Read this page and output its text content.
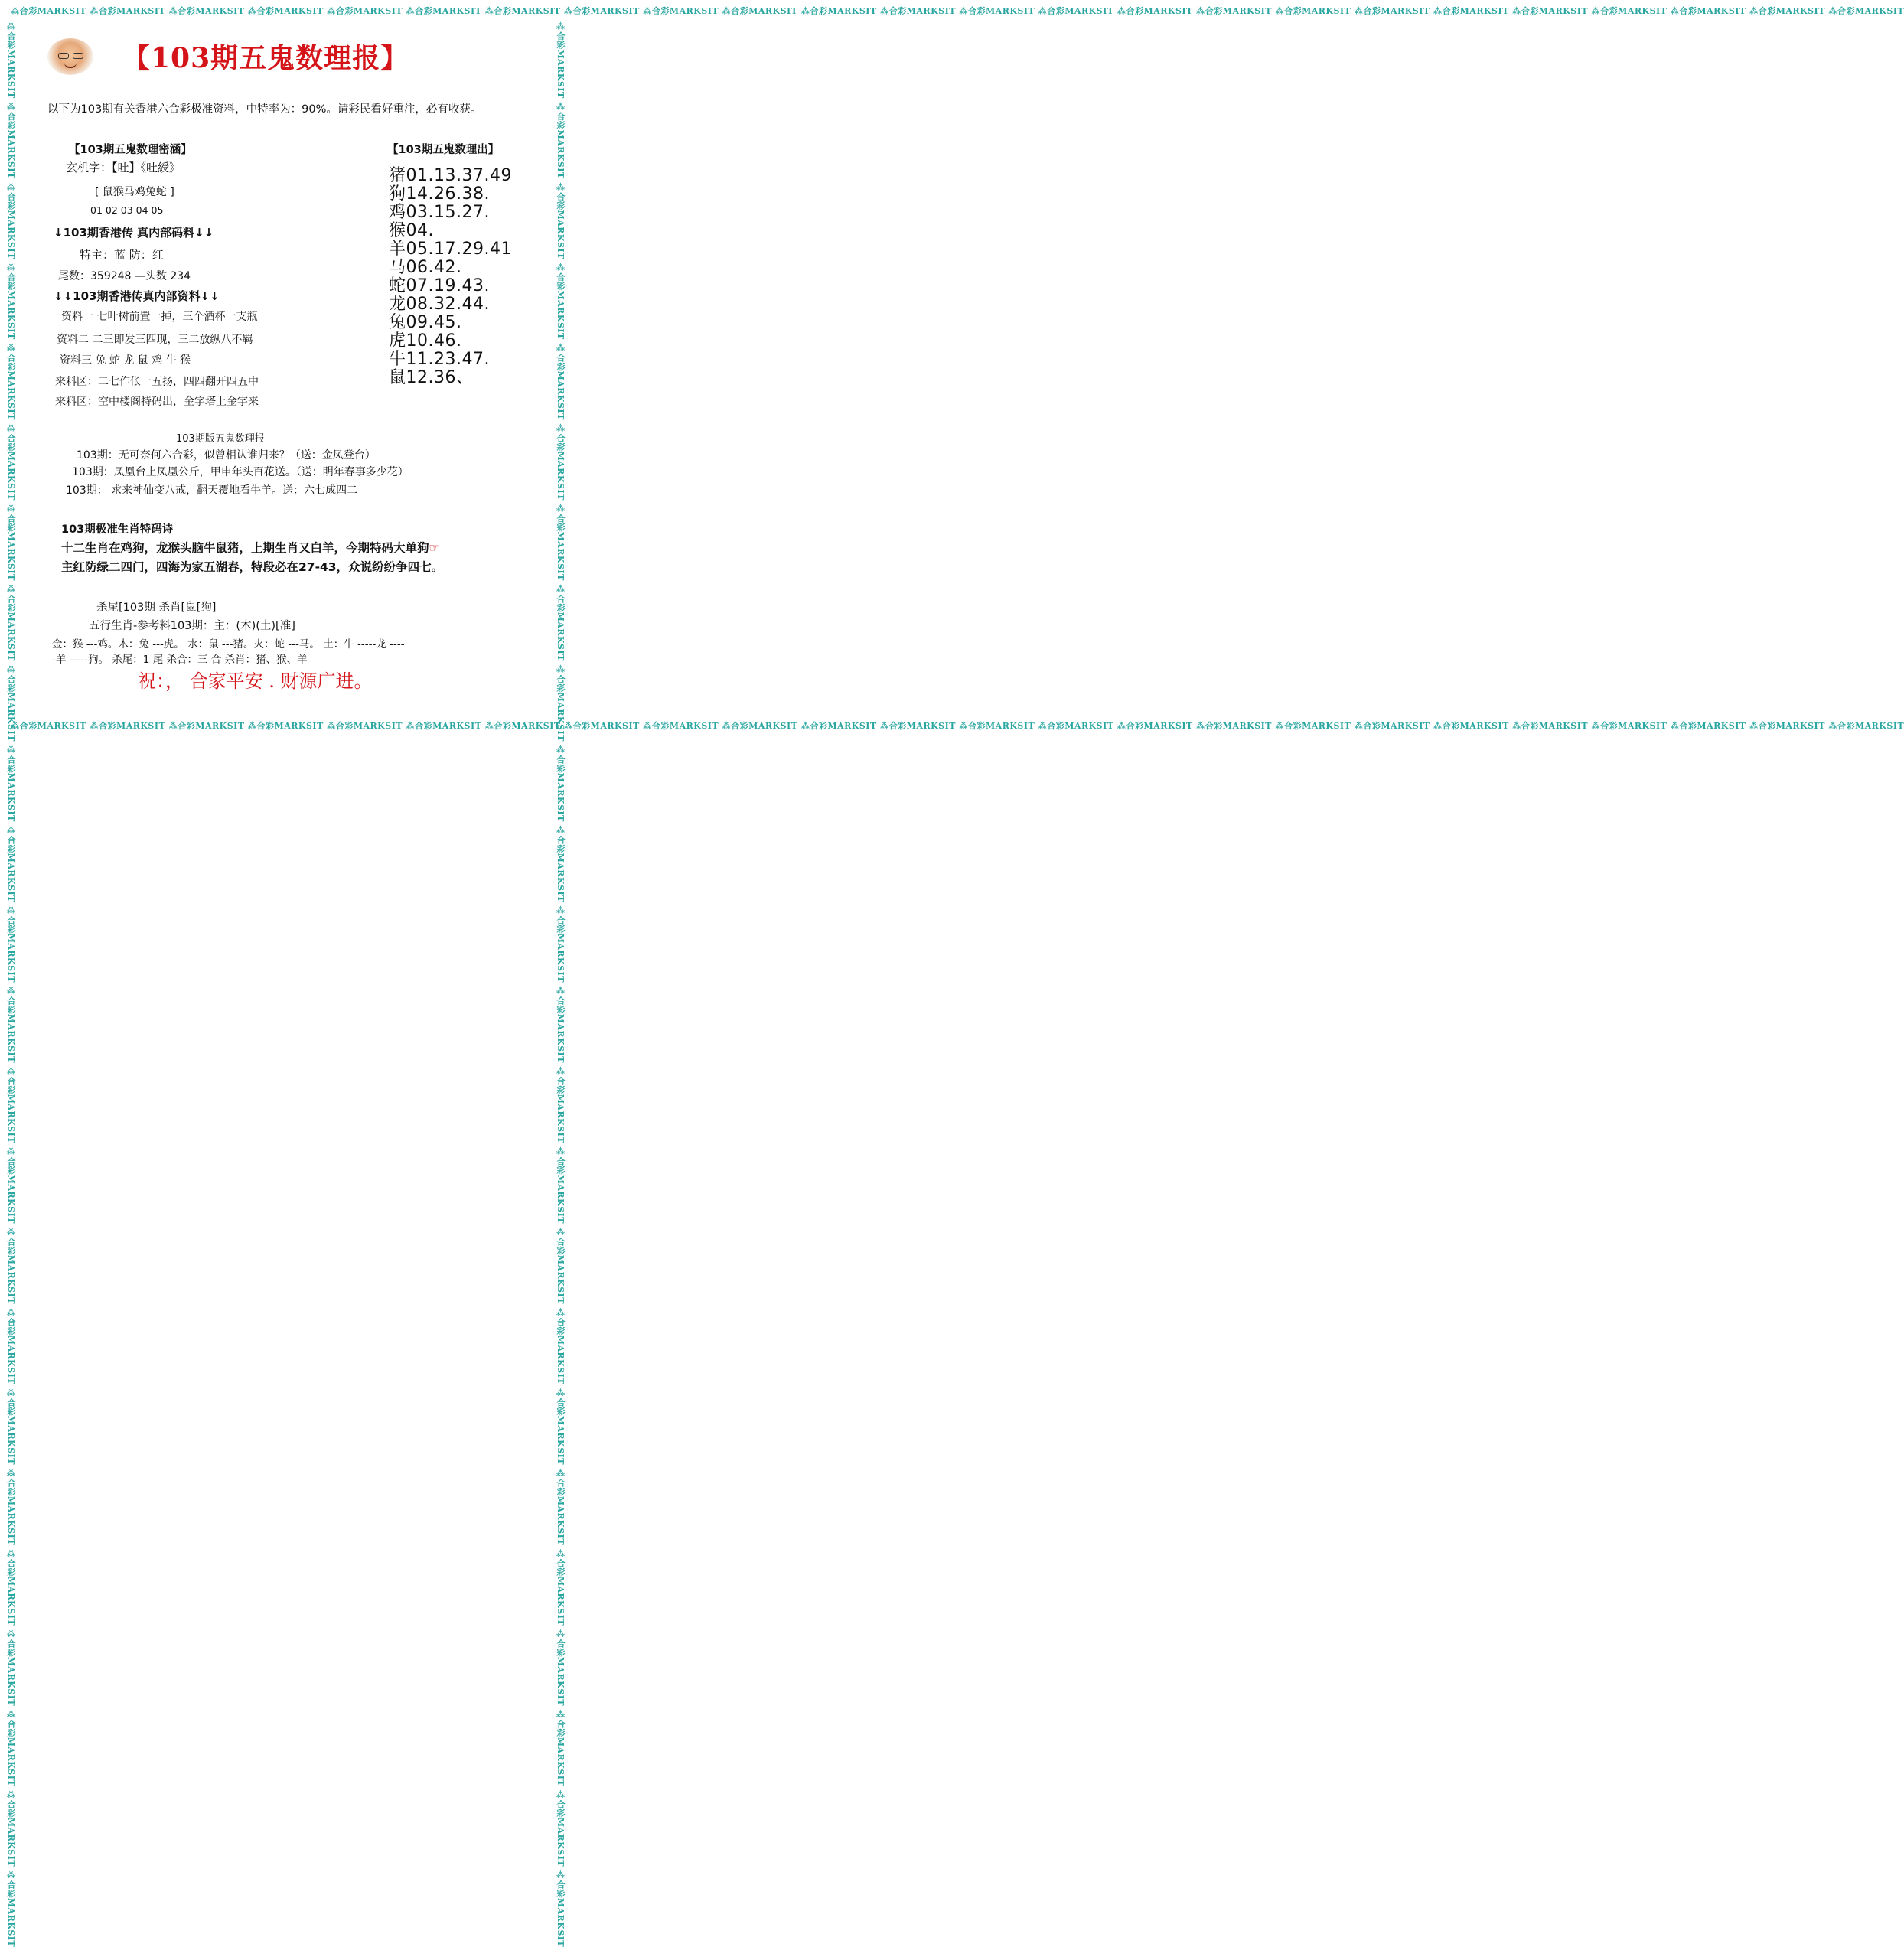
⁂合彩MARKSIT ⁂合彩MARKSIT ⁂合彩MARKSIT ⁂合彩MARKSIT ⁂合彩MARKSIT ⁂合彩MARKSIT ⁂合彩MARKSIT ⁂合彩MARKSIT ⁂合彩MARKSIT ⁂合彩MARKSIT ⁂合彩MARKSIT ⁂合彩MARKSIT ⁂合彩MARKSIT ⁂合彩MARKSIT ⁂合彩MARKSIT ⁂合彩MARKSIT ⁂合彩MARKSIT ⁂合彩MARKSIT ⁂合彩MARKSIT ⁂合彩MARKSIT ⁂合彩MARKSIT ⁂合彩MARKSIT ⁂合彩MARKSIT ⁂合彩MARKSIT
⁂合彩MARKSIT ⁂合彩MARKSIT ⁂合彩MARKSIT ⁂合彩MARKSIT ⁂合彩MARKSIT ⁂合彩MARKSIT ⁂合彩MARKSIT ⁂合彩MARKSIT ⁂合彩MARKSIT ⁂合彩MARKSIT ⁂合彩MARKSIT ⁂合彩MARKSIT ⁂合彩MARKSIT ⁂合彩MARKSIT ⁂合彩MARKSIT ⁂合彩MARKSIT ⁂合彩MARKSIT ⁂合彩MARKSIT ⁂合彩MARKSIT ⁂合彩MARKSIT ⁂合彩MARKSIT ⁂合彩MARKSIT ⁂合彩MARKSIT ⁂合彩MARKSIT
⁂合彩MARKSIT ⁂合彩MARKSIT ⁂合彩MARKSIT ⁂合彩MARKSIT ⁂合彩MARKSIT ⁂合彩MARKSIT ⁂合彩MARKSIT ⁂合彩MARKSIT ⁂合彩MARKSIT ⁂合彩MARKSIT ⁂合彩MARKSIT ⁂合彩MARKSIT ⁂合彩MARKSIT ⁂合彩MARKSIT ⁂合彩MARKSIT ⁂合彩MARKSIT ⁂合彩MARKSIT ⁂合彩MARKSIT ⁂合彩MARKSIT ⁂合彩MARKSIT ⁂合彩MARKSIT ⁂合彩MARKSIT ⁂合彩MARKSIT ⁂合彩MARKSIT	⁂合彩MARKSIT ⁂合彩MARKSIT ⁂合彩MARKSIT ⁂合彩MARKSIT ⁂合彩MARKSIT ⁂合彩MARKSIT ⁂合彩MARKSIT ⁂合彩MARKSIT ⁂合彩MARKSIT ⁂合彩MARKSIT ⁂合彩MARKSIT ⁂合彩MARKSIT ⁂合彩MARKSIT ⁂合彩MARKSIT ⁂合彩MARKSIT ⁂合彩MARKSIT ⁂合彩MARKSIT ⁂合彩MARKSIT ⁂合彩MARKSIT ⁂合彩MARKSIT ⁂合彩MARKSIT ⁂合彩MARKSIT ⁂合彩MARKSIT ⁂合彩MARKSIT
【103期五鬼数理报】
以下为103期有关香港六合彩极准资料，中特率为：90%。请彩民看好重注，必有收获。
【103期五鬼数理密涵】
玄机字：【吐】《吐綬》
[ 鼠猴马鸡兔蛇 ]
01 02 03 04 05
↓103期香港传 真内部码料↓↓
特主：蓝 防：红
尾数：359248 —头数 234
↓↓103期香港传真内部资料↓↓
资料一 七叶树前置一掉，三个酒杯一支瓶
资料二 二三即发三四现，三二放纵八不羁
资料三 兔 蛇 龙 鼠 鸡 牛 猴
来料区：二七作伥一五扬，四四翻开四五中
来料区：空中楼阁特码出，金字塔上金字来
【103期五鬼数理出】
猪01.13.37.49
狗14.26.38.
鸡03.15.27.
猴04.
羊05.17.29.41
马06.42.
蛇07.19.43.
龙08.32.44.
兔09.45.
虎10.46.
牛11.23.47.
鼠12.36、
103期版五鬼数理报
103期：无可奈何六合彩，似曾相认谁归来？（送：金凤登台）
103期：凤凰台上凤凰公斤，甲申年头百花送。（送：明年春事多少花）
103期： 求来神仙变八戒，翻天覆地看牛羊。送：六七成四二
103期极准生肖特码诗
十二生肖在鸡狗，龙猴头脑牛鼠猪，上期生肖又白羊，今期特码大单狗☞
主红防绿二四门，四海为家五湖春，特段必在27-43，众说纷纷争四七。
杀尾[103期 杀肖[鼠[狗]
五行生肖-参考料103期：主：(木)(土)[准]
金：猴 ---鸡。木：兔 ---虎。 水：鼠 ---猪。火：蛇 ---马。 土：牛 -----龙 ----
-羊 -----狗。 杀尾：1 尾 杀合：三 合 杀肖：猪、猴、羊
祝：， 合家平安 . 财源广进。
